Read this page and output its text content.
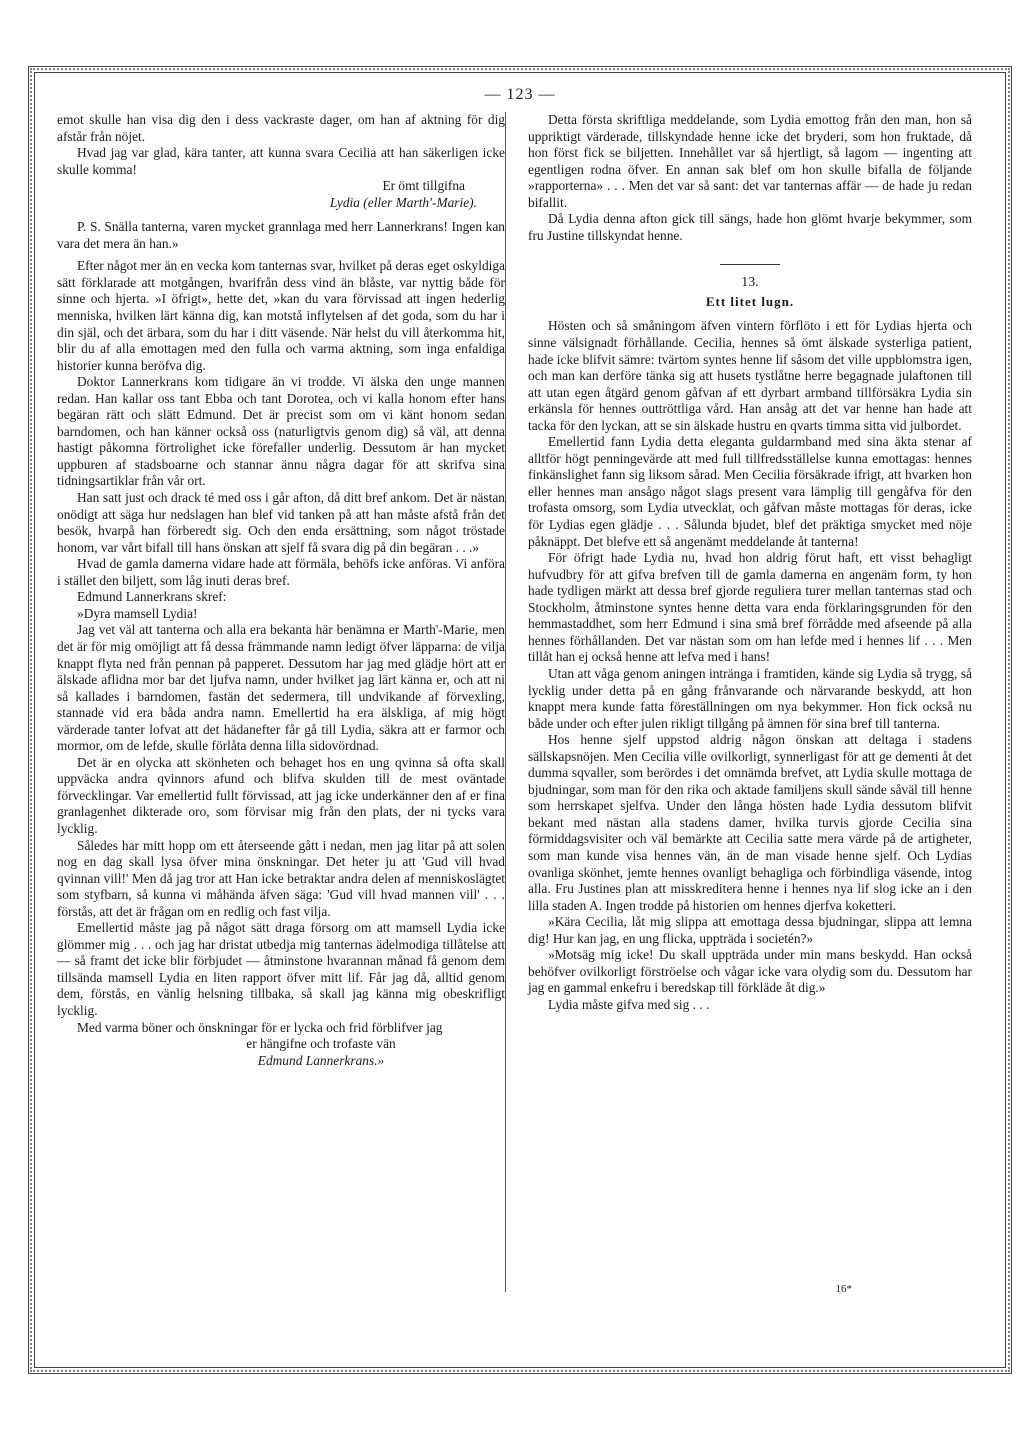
— 123 —

emot skulle han visa dig den i dess vackraste dager, om han af aktning för dig afstår från nöjet.

Hvad jag var glad, kära tanter, att kunna svara Cecilia att han säkerligen icke skulle komma!

Er ömt tillgifna

Lydia (eller Marth'-Marie).

P. S. Snälla tanterna, varen mycket grannlaga med herr Lannerkrans! Ingen kan vara det mera än han.»

Efter något mer än en vecka kom tanternas svar, hvilket på deras eget oskyldiga sätt förklarade att motgången, hvarifrån dess vind än blåste, var nyttig både för sinne och hjerta. »I öfrigt», hette det, »kan du vara förvissad att ingen hederlig menniska, hvilken lärt känna dig, kan motstå inflytelsen af det goda, som du har i din själ, och det ärbara, som du har i ditt väsende. När helst du vill återkomma hit, blir du af alla emottagen med den fulla och varma aktning, som inga enfaldiga historier kunna beröfva dig.

Doktor Lannerkrans kom tidigare än vi trodde. Vi älska den unge mannen redan. Han kallar oss tant Ebba och tant Dorotea, och vi kalla honom efter hans begäran rätt och slätt Edmund. Det är precist som om vi känt honom sedan barndomen, och han känner också oss (naturligtvis genom dig) så väl, att denna hastigt påkomna förtrolighet icke förefaller underlig. Dessutom är han mycket uppburen af stadsboarne och stannar ännu några dagar för att skrifva sina tidningsartiklar från vår ort.

Han satt just och drack té med oss i går afton, då ditt bref ankom. Det är nästan onödigt att säga hur nedslagen han blef vid tanken på att han måste afstå från det besök, hvarpå han förberedt sig. Och den enda ersättning, som något tröstade honom, var vårt bifall till hans önskan att sjelf få svara dig på din begäran . . .»

Hvad de gamla damerna vidare hade att förmäla, behöfs icke anföras. Vi anföra i stället den biljett, som låg inuti deras bref.

Edmund Lannerkrans skref:

»Dyra mamsell Lydia!

Jag vet väl att tanterna och alla era bekanta här benämna er Marth'-Marie, men det är för mig omöjligt att få dessa främmande namn ledigt öfver läpparna: de vilja knappt flyta ned från pennan på papperet. Dessutom har jag med glädje hört att er älskade aflidna mor bar det ljufva namn, under hvilket jag lärt känna er, och att ni så kallades i barndomen, fastän det sedermera, till undvikande af förvexling, stannade vid era båda andra namn. Emellertid ha era älskliga, af mig högt värderade tanter lofvat att det hädanefter får gå till Lydia, säkra att er farmor och mormor, om de lefde, skulle förlåta denna lilla sidovördnad.

Det är en olycka att skönheten och behaget hos en ung qvinna så ofta skall uppväcka andra qvinnors afund och blifva skulden till de mest oväntade förvecklingar. Var emellertid fullt förvissad, att jag icke underkänner den af er fina granlagenhet dikterade oro, som förvisar mig från den plats, der ni tycks vara lycklig.

Således har mitt hopp om ett återseende gått i nedan, men jag litar på att solen nog en dag skall lysa öfver mina önskningar. Det heter ju att 'Gud vill hvad qvinnan vill!' Men då jag tror att Han icke betraktar andra delen af menniskoslägtet som styfbarn, så kunna vi måhända äfven säga: 'Gud vill hvad mannen vill' . . . förstås, att det är frågan om en redlig och fast vilja.

Emellertid måste jag på något sätt draga försorg om att mamsell Lydia icke glömmer mig . . . och jag har dristat utbedja mig tanternas ädelmodiga tillåtelse att — så framt det icke blir förbjudet — åtminstone hvarannan månad få genom dem tillsända mamsell Lydia en liten rapport öfver mitt lif. Får jag då, alltid genom dem, förstås, en vänlig helsning tillbaka, så skall jag känna mig obeskrifligt lycklig.

Med varma böner och önskningar för er lycka och frid förblifver jag

er hängifne och trofaste vän

Edmund Lannerkrans.»

Detta första skriftliga meddelande, som Lydia emottog från den man, hon så uppriktigt värderade, tillskyndade henne icke det bryderi, som hon fruktade, då hon först fick se biljetten. Innehållet var så hjertligt, så lagom — ingenting att egentligen rodna öfver. En annan sak blef om hon skulle bifalla de följande »rapporterna» . . . Men det var så sant: det var tanternas affär — de hade ju redan bifallit.

Då Lydia denna afton gick till sängs, hade hon glömt hvarje bekymmer, som fru Justine tillskyndat henne.

13.
Ett litet lugn.

Hösten och så småningom äfven vintern förflöto i ett för Lydias hjerta och sinne välsignadt förhållande. Cecilia, hennes så ömt älskade systerliga patient, hade icke blifvit sämre: tvärtom syntes henne lif såsom det ville uppblomstra igen, och man kan derföre tänka sig att husets tystlåtne herre begagnade julaftonen till att utan egen åtgärd genom gåfvan af ett dyrbart armband tillförsäkra Lydia sin erkänsla för hennes outtröttliga vård. Han ansåg att det var henne han hade att tacka för den lyckan, att se sin älskade hustru en qvarts timma sitta vid julbordet.

Emellertid fann Lydia detta eleganta guldarmband med sina äkta stenar af alltför högt penningevärde att med full tillfredsställelse kunna emottagas: hennes finkänslighet fann sig liksom sårad. Men Cecilia försäkrade ifrigt, att hvarken hon eller hennes man ansågo något slags present vara lämplig till gengåfva för den trofasta omsorg, som Lydia utvecklat, och gåfvan måste mottagas för deras, icke för Lydias egen glädje . . . Sålunda bjudet, blef det präktiga smycket med nöje påknäppt. Det blefve ett så angenämt meddelande åt tanterna!

För öfrigt hade Lydia nu, hvad hon aldrig förut haft, ett visst behagligt hufvudbry för att gifva brefven till de gamla damerna en angenäm form, ty hon hade tydligen märkt att dessa bref gjorde reguliera turer mellan tanternas stad och Stockholm, åtminstone syntes henne detta vara enda förklaringsgrunden för den hemmastaddhet, som herr Edmund i sina små bref förrådde med afseende på alla hennes förhållanden. Det var nästan som om han lefde med i hennes lif . . . Men tillåt han ej också henne att lefva med i hans!

Utan att våga genom aningen intränga i framtiden, kände sig Lydia så trygg, så lycklig under detta på en gång frånvarande och närvarande beskydd, att hon knappt mera kunde fatta föreställningen om nya bekymmer. Hon fick också nu både under och efter julen rikligt tillgång på ämnen för sina bref till tanterna.

Hos henne sjelf uppstod aldrig någon önskan att deltaga i stadens sällskapsnöjen. Men Cecilia ville ovilkorligt, synnerligast för att ge dementi åt det dumma sqvaller, som berördes i det omnämda brefvet, att Lydia skulle mottaga de bjudningar, som man för den rika och aktade familjens skull sände såväl till henne som herrskapet sjelfva. Under den långa hösten hade Lydia dessutom blifvit bekant med nästan alla stadens damer, hvilka turvis gjorde Cecilia sina förmiddagsvisiter och väl bemärkte att Cecilia satte mera värde på de artigheter, som man kunde visa hennes vän, än de man visade henne sjelf. Och Lydias ovanliga skönhet, jemte hennes ovanligt behagliga och förbindliga väsende, intog alla. Fru Justines plan att misskreditera henne i hennes nya lif slog icke an i den lilla staden A. Ingen trodde på historien om hennes djerfva koketteri.

»Kära Cecilia, låt mig slippa att emottaga dessa bjudningar, slippa att lemna dig! Hur kan jag, en ung flicka, uppträda i societén?»

»Motsäg mig icke! Du skall uppträda under min mans beskydd. Han också behöfver ovilkorligt förströelse och vågar icke vara olydig som du. Dessutom har jag en gammal enkefru i beredskap till förkläde åt dig.»

Lydia måste gifva med sig . . .

16*
